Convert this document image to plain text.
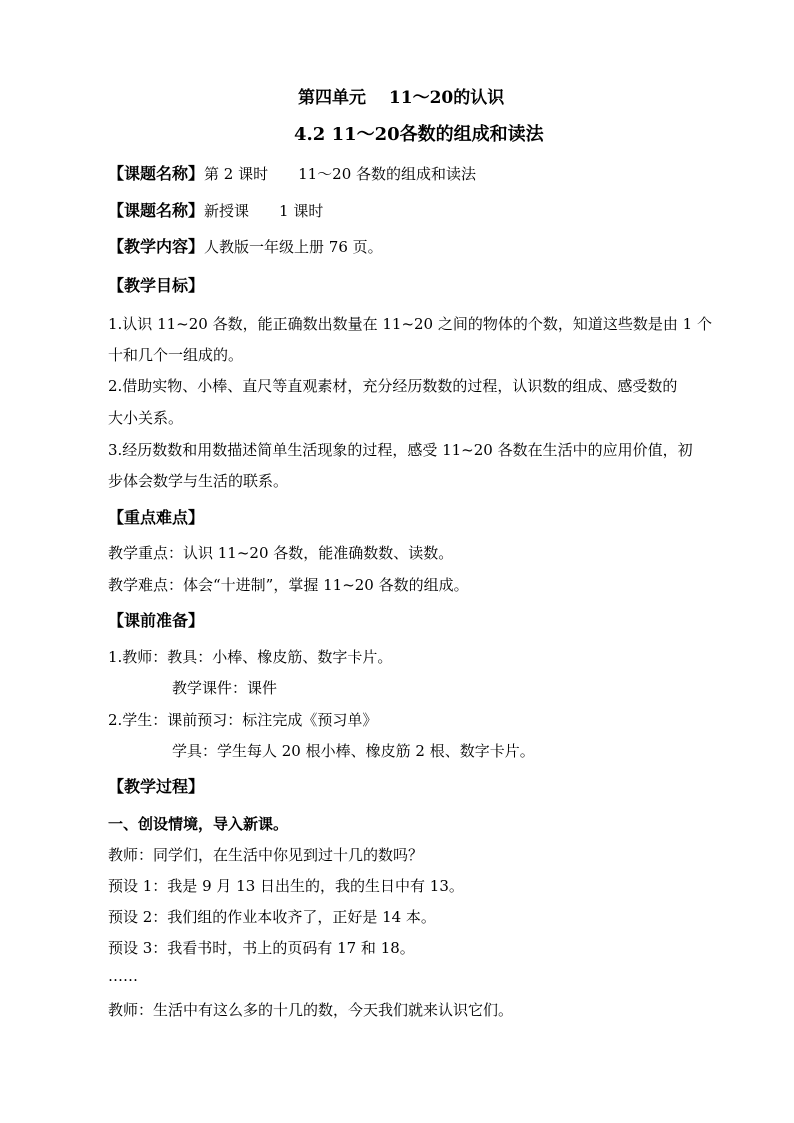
第四单元　 11～20的认识
4.2 11～20各数的组成和读法
【课题名称】第 2 课时　　11～20 各数的组成和读法
【课题名称】新授课　　1 课时
【教学内容】人教版一年级上册 76 页。
【教学目标】
1.认识 11~20 各数，能正确数出数量在 11~20 之间的物体的个数，知道这些数是由 1 个
十和几个一组成的。
2.借助实物、小棒、直尺等直观素材，充分经历数数的过程，认识数的组成、感受数的
大小关系。
3.经历数数和用数描述简单生活现象的过程，感受 11~20 各数在生活中的应用价值，初
步体会数学与生活的联系。
【重点难点】
教学重点：认识 11~20 各数，能准确数数、读数。
教学难点：体会“十进制”，掌握 11~20 各数的组成。
【课前准备】
1.教师：教具：小棒、橡皮筋、数字卡片。
教学课件：课件
2.学生：课前预习：标注完成《预习单》
学具：学生每人 20 根小棒、橡皮筋 2 根、数字卡片。
【教学过程】
一、创设情境，导入新课。
教师：同学们，在生活中你见到过十几的数吗？
预设 1：我是 9 月 13 日出生的，我的生日中有 13。
预设 2：我们组的作业本收齐了，正好是 14 本。
预设 3：我看书时，书上的页码有 17 和 18。
……
教师：生活中有这么多的十几的数，今天我们就来认识它们。
